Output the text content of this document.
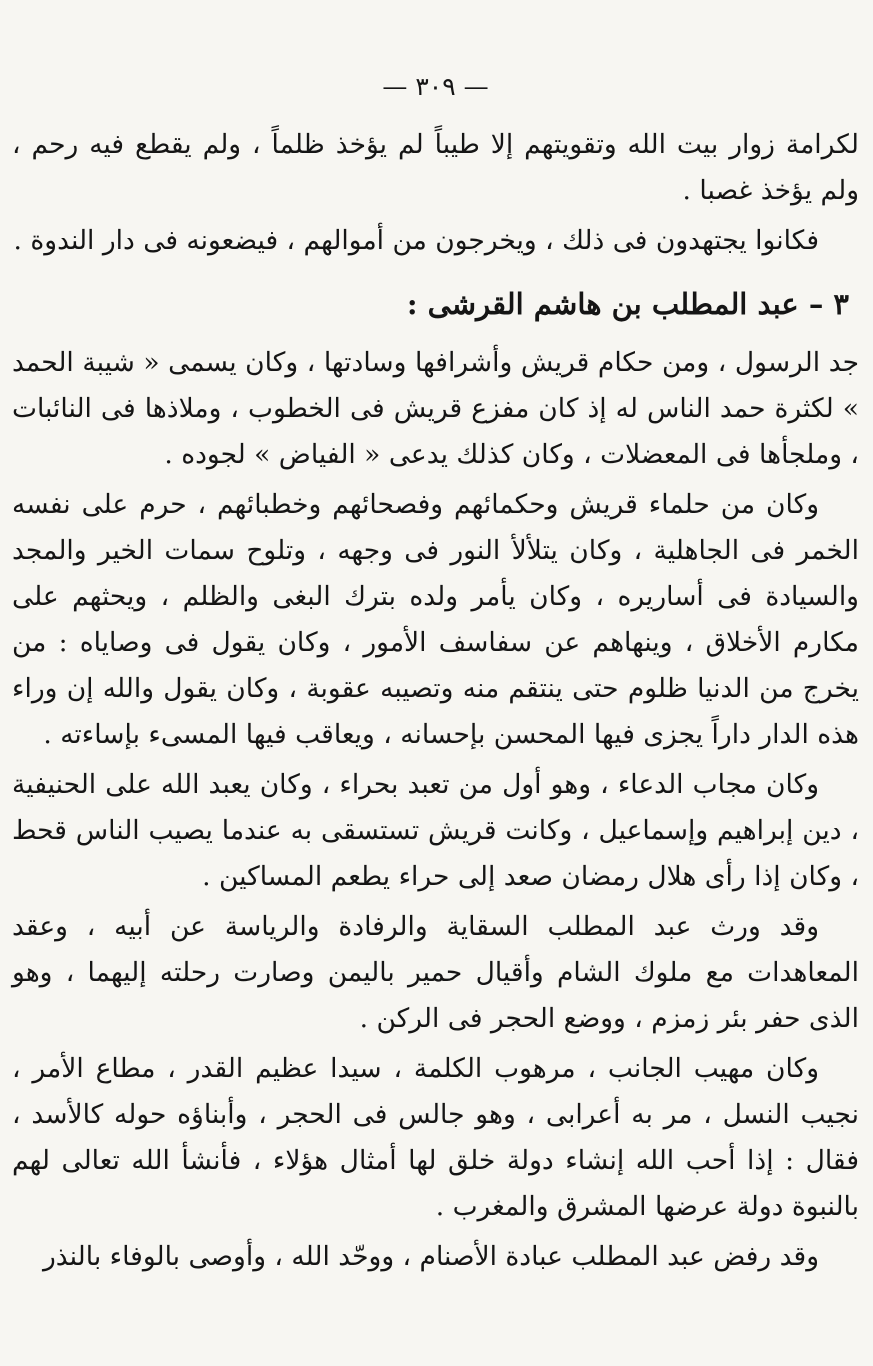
— ٣٠٩ —
لكرامة زوار بيت الله وتقويتهم إلا طيباً لم يؤخذ ظلماً ، ولم يقطع فيه رحم ، ولم يؤخذ غصبا .
فكانوا يجتهدون فى ذلك ، ويخرجون من أموالهم ، فيضعونه فى دار الندوة .
٣ – عبد المطلب بن هاشم القرشى :
جد الرسول ، ومن حكام قريش وأشرافها وسادتها ، وكان يسمى « شيبة الحمد » لكثرة حمد الناس له إذ كان مفزع قريش فى الخطوب ، وملاذها فى النائبات ، وملجأها فى المعضلات ، وكان كذلك يدعى « الفياض » لجوده .
وكان من حلماء قريش وحكمائهم وفصحائهم وخطبائهم ، حرم على نفسه الخمر فى الجاهلية ، وكان يتلألأ النور فى وجهه ، وتلوح سمات الخير والمجد والسيادة فى أساريره ، وكان يأمر ولده بترك البغى والظلم ، ويحثهم على مكارم الأخلاق ، وينهاهم عن سفاسف الأمور ، وكان يقول فى وصاياه : من يخرج من الدنيا ظلوم حتى ينتقم منه وتصيبه عقوبة ، وكان يقول والله إن وراء هذه الدار داراً يجزى فيها المحسن بإحسانه ، ويعاقب فيها المسىء بإساءته .
وكان مجاب الدعاء ، وهو أول من تعبد بحراء ، وكان يعبد الله على الحنيفية ، دين إبراهيم وإسماعيل ، وكانت قريش تستسقى به عندما يصيب الناس قحط ، وكان إذا رأى هلال رمضان صعد إلى حراء يطعم المساكين .
وقد ورث عبد المطلب السقاية والرفادة والرياسة عن أبيه ، وعقد المعاهدات مع ملوك الشام وأقيال حمير باليمن وصارت رحلته إليهما ، وهو الذى حفر بئر زمزم ، ووضع الحجر فى الركن .
وكان مهيب الجانب ، مرهوب الكلمة ، سيدا عظيم القدر ، مطاع الأمر ، نجيب النسل ، مر به أعرابى ، وهو جالس فى الحجر ، وأبناؤه حوله كالأسد ، فقال : إذا أحب الله إنشاء دولة خلق لها أمثال هؤلاء ، فأنشأ الله تعالى لهم بالنبوة دولة عرضها المشرق والمغرب .
وقد رفض عبد المطلب عبادة الأصنام ، ووحّد الله ، وأوصى بالوفاء بالنذر
